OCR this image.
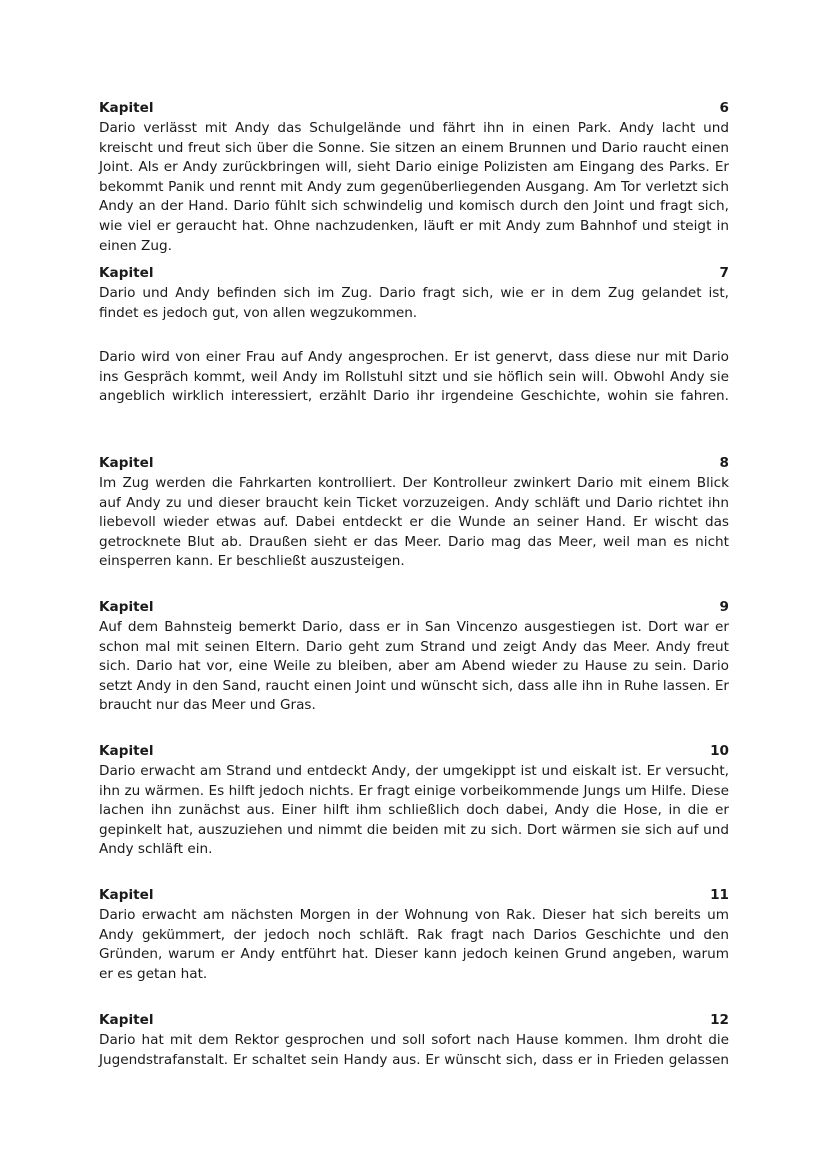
Kapitel	6

Dario verlässt mit Andy das Schulgelände und fährt ihn in einen Park. Andy lacht und kreischt und freut sich über die Sonne. Sie sitzen an einem Brunnen und Dario raucht einen Joint. Als er Andy zurückbringen will, sieht Dario einige Polizisten am Eingang des Parks. Er bekommt Panik und rennt mit Andy zum gegenüberliegenden Ausgang. Am Tor verletzt sich Andy an der Hand. Dario fühlt sich schwindelig und komisch durch den Joint und fragt sich, wie viel er geraucht hat. Ohne nachzudenken, läuft er mit Andy zum Bahnhof und steigt in einen Zug.

Kapitel	7

Dario und Andy befinden sich im Zug. Dario fragt sich, wie er in dem Zug gelandet ist, findet es jedoch gut, von allen wegzukommen.

Dario wird von einer Frau auf Andy angesprochen. Er ist genervt, dass diese nur mit Dario ins Gespräch kommt, weil Andy im Rollstuhl sitzt und sie höflich sein will. Obwohl Andy sie angeblich wirklich interessiert, erzählt Dario ihr irgendeine Geschichte, wohin sie fahren.

Kapitel	8

Im Zug werden die Fahrkarten kontrolliert. Der Kontrolleur zwinkert Dario mit einem Blick auf Andy zu und dieser braucht kein Ticket vorzuzeigen. Andy schläft und Dario richtet ihn liebevoll wieder etwas auf. Dabei entdeckt er die Wunde an seiner Hand. Er wischt das getrocknete Blut ab. Draußen sieht er das Meer. Dario mag das Meer, weil man es nicht einsperren kann. Er beschließt auszusteigen.

Kapitel	9

Auf dem Bahnsteig bemerkt Dario, dass er in San Vincenzo ausgestiegen ist. Dort war er schon mal mit seinen Eltern. Dario geht zum Strand und zeigt Andy das Meer. Andy freut sich. Dario hat vor, eine Weile zu bleiben, aber am Abend wieder zu Hause zu sein. Dario setzt Andy in den Sand, raucht einen Joint und wünscht sich, dass alle ihn in Ruhe lassen. Er braucht nur das Meer und Gras.

Kapitel	10

Dario erwacht am Strand und entdeckt Andy, der umgekippt ist und eiskalt ist. Er versucht, ihn zu wärmen. Es hilft jedoch nichts. Er fragt einige vorbeikommende Jungs um Hilfe. Diese lachen ihn zunächst aus. Einer hilft ihm schließlich doch dabei, Andy die Hose, in die er gepinkelt hat, auszuziehen und nimmt die beiden mit zu sich. Dort wärmen sie sich auf und Andy schläft ein.

Kapitel	11

Dario erwacht am nächsten Morgen in der Wohnung von Rak. Dieser hat sich bereits um Andy gekümmert, der jedoch noch schläft. Rak fragt nach Darios Geschichte und den Gründen, warum er Andy entführt hat. Dieser kann jedoch keinen Grund angeben, warum er es getan hat.

Kapitel	12

Dario hat mit dem Rektor gesprochen und soll sofort nach Hause kommen. Ihm droht die Jugendstrafanstalt. Er schaltet sein Handy aus. Er wünscht sich, dass er in Frieden gelassen
